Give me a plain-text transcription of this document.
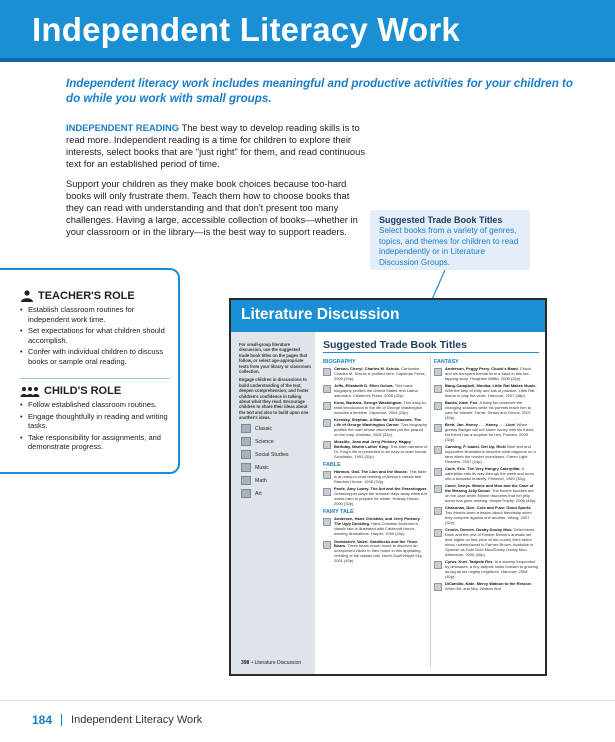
Independent Literacy Work

Independent literacy work includes meaningful and productive activities for your children to do while you work with small groups.

INDEPENDENT READING The best way to develop reading skills is to read more. Independent reading is a time for children to explore their interests, select books that are "just right" for them, and read continuous text for an established period of time.

Support your children as they make book choices because too-hard books will only frustrate them. Teach them how to choose books that they can read with understanding and that don't present too many challenges. Having a large, accessible collection of books—whether in your classroom or in the library—is the best way to support readers.

Suggested Trade Book Titles
Select books from a variety of genres, topics, and themes for children to read independently or in Literature Discussion Groups.
TEACHER'S ROLE
• Establish classroom routines for independent work time.
• Set expectations for what children should accomplish.
• Confer with individual children to discuss books or sample oral reading.
CHILD'S ROLE
• Follow established classroom routines.
• Engage thoughtfully in reading and writing tasks.
• Take responsibility for assignments, and demonstrate progress.
Literature Discussion
For small-group literature discussion, use the suggested trade book titles on the pages that follow, or select age-appropriate texts from your library or classroom collection.
Engage children in discussions to build understanding of the text, deepen comprehension, and foster children's confidence in talking about what they read. Encourage children to share their ideas about the text and also to build upon one another's ideas.
Classic
Science
Social Studies
Music
Math
Art
398 • Literature Discussion
Suggested Trade Book Titles
BIOGRAPHY
Carson, Cheryl. Charles M. Schulz. Cartoonist Charles M. Schulz is profiled here. Capstone Press, 2005 (24p).
Jeffs, Elizabeth D. Ellen Ochoa. This basic biography profiles the United States' first Latina astronaut. Children's Press, 2005 (32p).
Knox, Barbara. George Washington. This easy-to-read introduction to the life of George Washington includes a timeline. Capstone, 2004 (24p).
Krensky, Stephan. A Man for All Seasons: The Life of George Washington Carver. This biography profiles the man whose discoveries put the peanut on the map. Amistad, 2008 (32p).
Mozzillo, Joan and Jerry Pinkney. Happy Birthday, Martin Luther King. This brief narrative of Dr. King's life is presented in an easy-to-read format. Scholastic, 1993 (32p).
FABLE
Harmon, Gail. The Lion and the Mouse. This fable is an easy-to-read retelling of Aesop's classic tale. Random House, 1998 (32p).
Poole, Amy Lowry. The Ant and the Grasshopper. Grasshopper plays the summer days away while Ant works hard to prepare for winter. Holiday House, 2000 (32p).
FAIRY TALE
Andersen, Hans Christian, and Jerry Pinkney. The Ugly Duckling. Hans Christian Andersen's classic tale is illustrated with Caldecott Honor-winning illustrations. Harper, 1999 (40p).
Gorbachev, Valeri. Goldilocks and the Three Bears. Three bears return home to discover an unexpected visitor in their home in this appealing retelling of the classic tale. North-South/Night Sky, 2001 (40p).
FANTASY
Anderson, Peggy Perry. Chuck's Band. Chuck and his barnyard friends form a band in this toe-tapping story. Houghton Mifflin, 2008 (32p).
Bang-Campbell, Monika. Little Rat Makes Music. With the help of Kitty and lots of practice, Little Rat learns to play the violin. Harcourt, 2007 (48p).
Banks, Kate. Fox. A baby fox observes the changing seasons while his parents teach him to care for himself. Farrar, Straus and Giroux, 2007 (40p).
Brett, Jan. Honey . . . Honey . . . Lion! When greedy Badger will not share honey with his friend, his friend has a surprise for him. Putnam, 2005 (32p).
Canning, F. Isabel. Get Up, Rick! Brief text and supportive illustrations describe what happens on a farm when the rooster oversleeps. Green Light Readers, 2007 (24p).
Carle, Eric. The Very Hungry Caterpillar. A caterpillar eats its way through the week and turns into a beautiful butterfly. Philomel, 1969 (32p).
Cazet, Denys. Minnie and Moo and the Case of the Missing Jelly Donut. The bovine buddies are on the case when Minnie discovers that her jelly donut has gone missing. HarperTrophy, 2006 (48p).
Chaconas, Dori. Cork and Fuzz: Good Sports. Two friends learn a lesson about friendship when they compete against one another. Viking, 2007 (32p).
Cronin, Doreen. Dooby Dooby Moo. Determined Duck and the rest of Farmer Brown's animals set their sights on first prize at the county fair's talent show, unbeknownst to Farmer Brown. Available in Spanish as Dubi Dubi Muu/Dooby Dooby Moo. Atheneum, 2006 (40p).
Cyrus, Kurt. Tadpole Rex. In a swamp frequented by dinosaurs, a tiny tadpole looks forward to growing as big as his mighty neighbors. Harcourt, 2008 (40p).
DiCamillo, Kate. Mercy Watson to the Rescue. When Mr. and Mrs. Watson find
184 Independent Literacy Work
